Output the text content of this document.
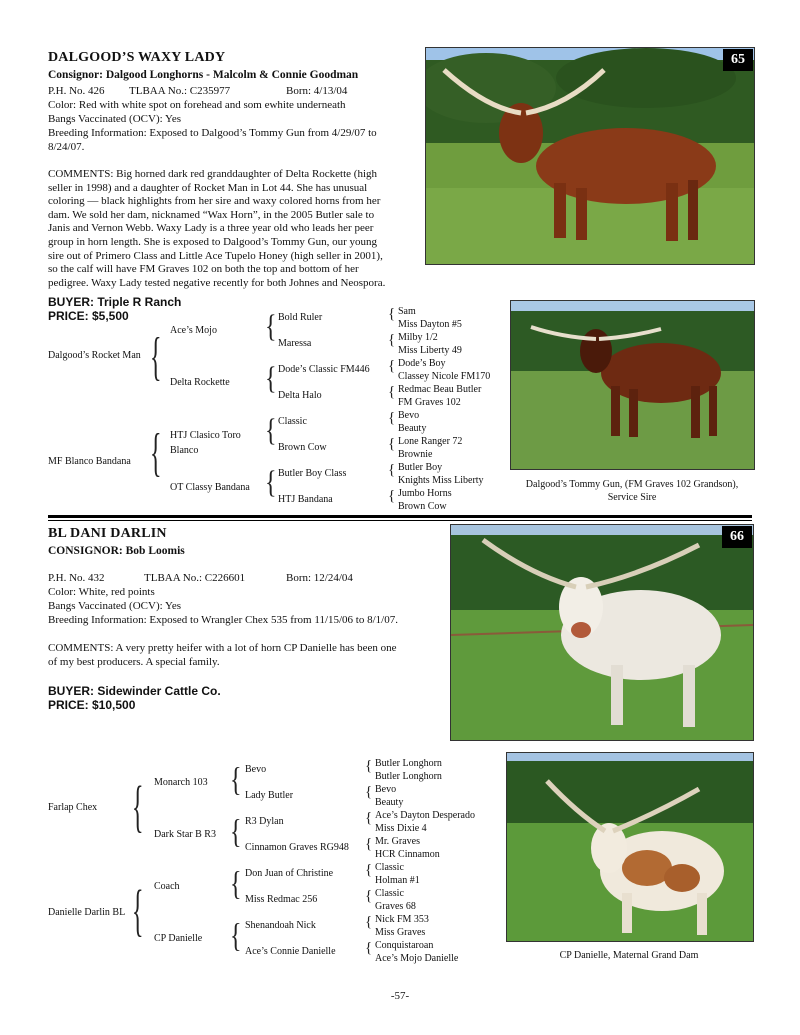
DALGOOD’S WAXY LADY
Consignor: Dalgood Longhorns - Malcolm & Connie Goodman
P.H. No. 426 TLBAA No.: C235977	Born: 4/13/04
Color: Red with white spot on forehead and som ewhite underneath
Bangs Vaccinated (OCV): Yes
Breeding Information: Exposed to Dalgood’s Tommy Gun from 4/29/07 to
8/24/07.
COMMENTS: Big horned dark red granddaughter of Delta Rockette (high
seller in 1998) and a daughter of Rocket Man in Lot 44. She has unusual
coloring — black highlights from her sire and waxy colored horns from her
dam. We sold her dam, nicknamed “Wax Horn”, in the 2005 Butler sale to
Janis and Vernon Webb. Waxy Lady is a three year old who leads her peer
group in horn length. She is exposed to Dalgood’s Tommy Gun, our young
sire out of Primero Class and Little Ace Tupelo Honey (high seller in 2001),
so the calf will have FM Graves 102 on both the top and bottom of her
pedigree. Waxy Lady tested negative recently for both Johnes and Neospora.
BUYER: Triple R Ranch
PRICE: $5,500
65
Dalgood’s Tommy Gun, (FM Graves 102 Grandson),
Service Sire
Dalgood’s Rocket Man
MF Blanco Bandana
{
{
Ace’s Mojo
Delta Rockette
HTJ Clasico Toro
Blanco
OT Classy Bandana
{
{
{
{
Bold Ruler
Maressa
Dode’s Classic FM446
Delta Halo
Classic
Brown Cow
Butler Boy Class
HTJ Bandana
{
{
{
{
{
{
{
{
Sam
Miss Dayton #5
Milby 1/2
Miss Liberty 49
Dode’s Boy
Classey Nicole FM170
Redmac Beau Butler
FM Graves 102
Bevo
Beauty
Lone Ranger 72
Brownie
Butler Boy
Knights Miss Liberty
Jumbo Horns
Brown Cow
BL DANI DARLIN
CONSIGNOR: Bob Loomis
P.H. No. 432	TLBAA No.: C226601	Born: 12/24/04
Color: White, red points
Bangs Vaccinated (OCV): Yes
Breeding Information: Exposed to Wrangler Chex 535 from 11/15/06 to 8/1/07.
COMMENTS: A very pretty heifer with a lot of horn CP Danielle has been one
of my best producers. A special family.
BUYER: Sidewinder Cattle Co.
PRICE: $10,500
66
CP Danielle, Maternal Grand Dam
Farlap Chex
Danielle Darlin BL
{
{
Monarch 103
Dark Star B R3
Coach
CP Danielle
{
{
{
{
Bevo
Lady Butler
R3 Dylan
Cinnamon Graves RG948
Don Juan of Christine
Miss Redmac 256
Shenandoah Nick
Ace’s Connie Danielle
{
{
{
{
{
{
{
{
Butler Longhorn
Butler Longhorn
Bevo
Beauty
Ace’s Dayton Desperado
Miss Dixie 4
Mr. Graves
HCR Cinnamon
Classic
Holman #1
Classic
Graves 68
Nick FM 353
Miss Graves
Conquistaroan
Ace’s Mojo Danielle
-57-
